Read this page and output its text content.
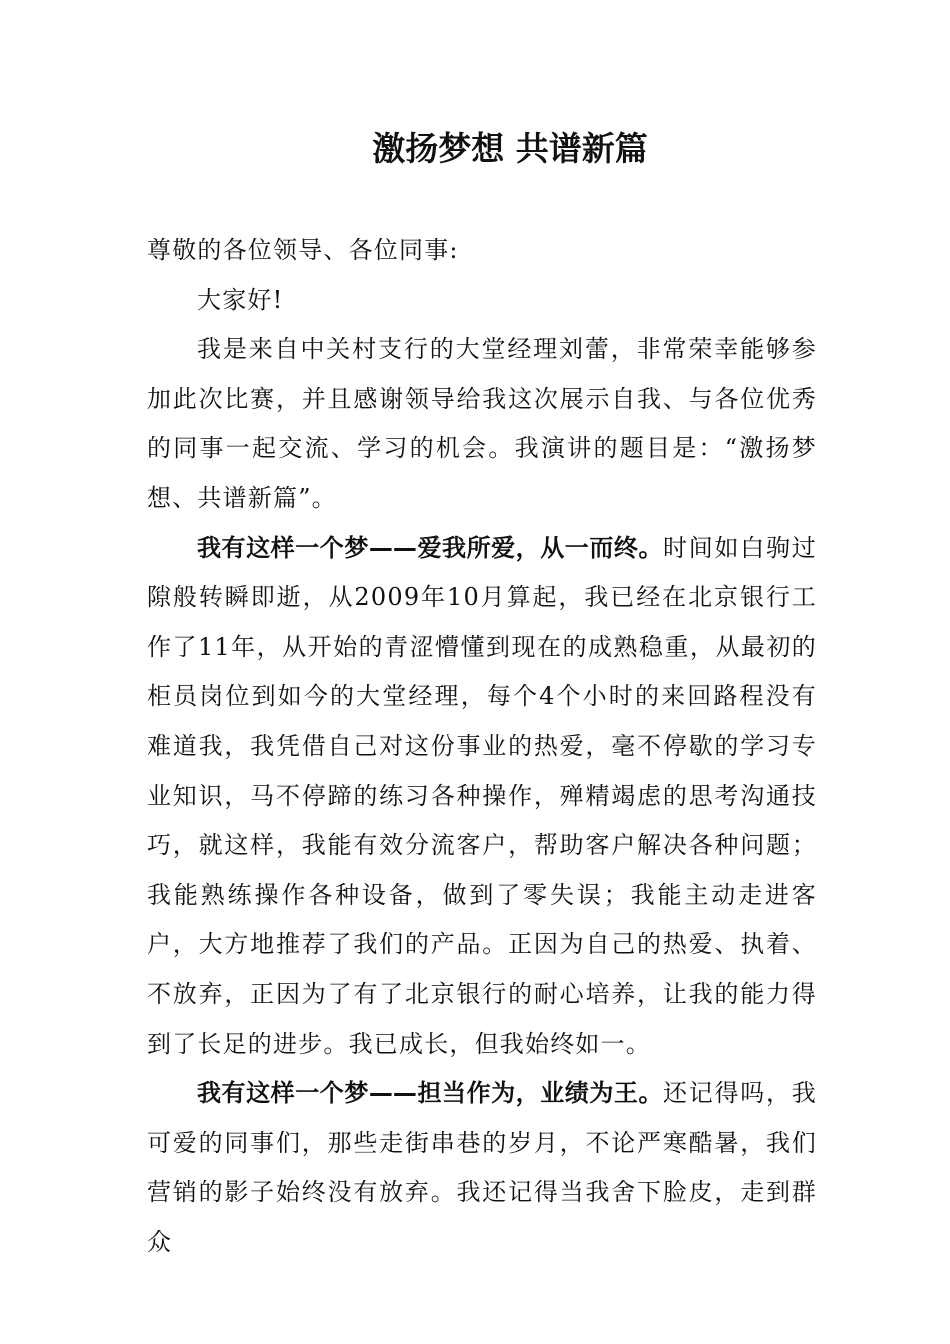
激扬梦想 共谱新篇

尊敬的各位领导、各位同事:

大家好!

我是来自中关村支行的大堂经理刘蕾，非常荣幸能够参加此次比赛，并且感谢领导给我这次展示自我、与各位优秀的同事一起交流、学习的机会。我演讲的题目是：“激扬梦想、共谱新篇”。

我有这样一个梦——爱我所爱，从一而终。时间如白驹过隙般转瞬即逝，从2009年10月算起，我已经在北京银行工作了11年，从开始的青涩懵懂到现在的成熟稳重，从最初的柜员岗位到如今的大堂经理，每个4个小时的来回路程没有难道我，我凭借自己对这份事业的热爱，毫不停歇的学习专业知识，马不停蹄的练习各种操作，殚精竭虑的思考沟通技巧，就这样，我能有效分流客户，帮助客户解决各种问题；我能熟练操作各种设备，做到了零失误；我能主动走进客户，大方地推荐了我们的产品。正因为自己的热爱、执着、不放弃，正因为了有了北京银行的耐心培养，让我的能力得到了长足的进步。我已成长，但我始终如一。

我有这样一个梦——担当作为，业绩为王。还记得吗，我可爱的同事们，那些走街串巷的岁月，不论严寒酷暑，我们营销的影子始终没有放弃。我还记得当我舍下脸皮，走到群众
